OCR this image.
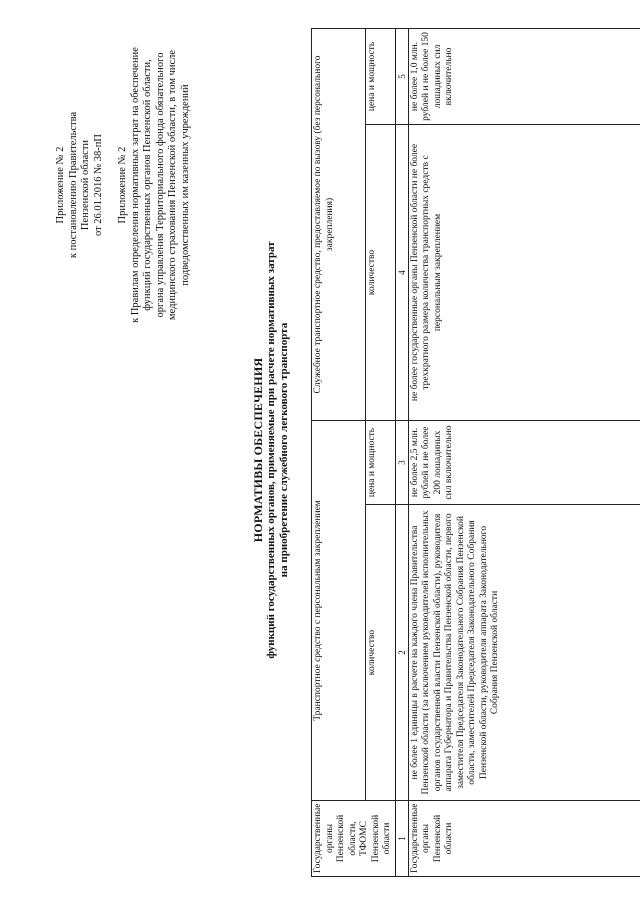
Приложение № 2 к постановлению Правительства Пензенской области от 26.01.2016 № 38-пП Приложение № 2 к Правилам определения нормативных затрат на обеспечение функций государственных органов Пензенской области, органа управления Территориального фонда обязательного медицинского страхования Пензенской области, в том числе подведомственных им казенных учреждений
НОРМАТИВЫ ОБЕСПЕЧЕНИЯ функций государственных органов, применяемые при расчете нормативных затрат на приобретение служебного легкового транспорта
Государственные органы Пензенской области, ТФОМС Пензенской области	Транспортное средство с персональным закреплением		Служебное транспортное средство, предоставляемое по вызову (без персонального закрепления)	
	количество	цена и мощность	количество	цена и мощность
1	2	3	4	5
Государственные органы Пензенской области	не более 1 единицы в расчете на каждого члена Правительства Пензенской области (за исключением руководителей исполнительных органов государственной власти Пензенской области), руководителя аппарата Губернатора и Правительства Пензенской области, первого заместителя Председателя Законодательного Собрания Пензенской области, заместителей Председателя Законодательного Собрания Пензенской области, руководителя аппарата Законодательного Собрания Пензенской области	не более 2,5 млн. рублей и не более 200 лошадиных сил включительно	не более государственные органы Пензенской области не более трехкратного размера количества транспортных средств с персональным закреплением	не более 1,0 млн. рублей и не более 150 лошадиных сил включительно
